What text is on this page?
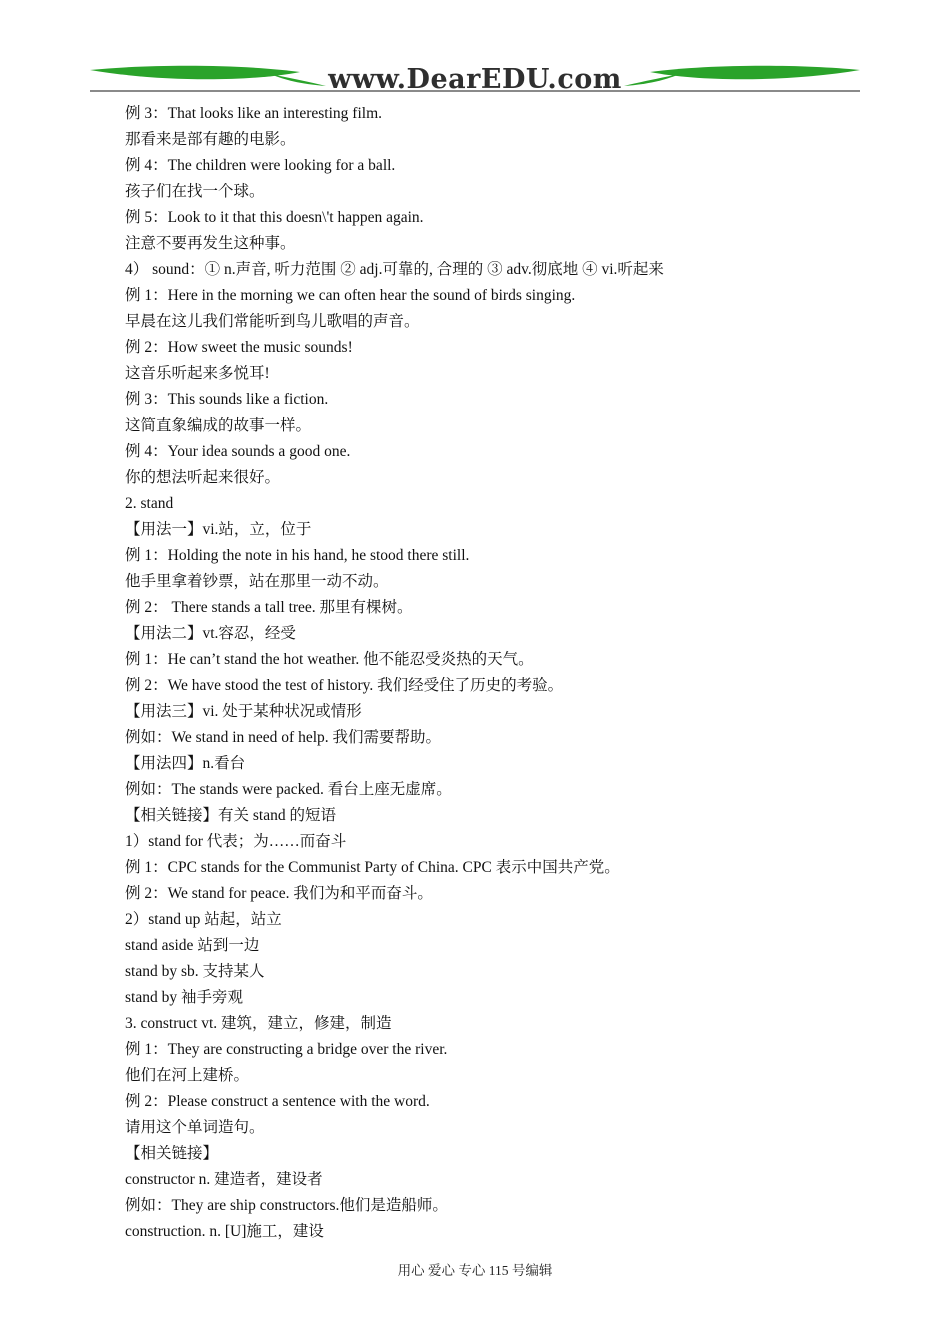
www.DearEDU.com
例 3：That looks like an interesting film.
那看来是部有趣的电影。
例 4：The children were looking for a ball.
孩子们在找一个球。
例 5：Look to it that this doesn\'t happen again.
注意不要再发生这种事。
4） sound：① n.声音, 听力范围 ② adj.可靠的, 合理的 ③ adv.彻底地 ④ vi.听起来
例 1：Here in the morning we can often hear the sound of birds singing.
早晨在这儿我们常能听到鸟儿歌唱的声音。
例 2：How sweet the music sounds!
这音乐听起来多悦耳!
例 3：This sounds like a fiction.
这简直象编成的故事一样。
例 4：Your idea sounds a good one.
你的想法听起来很好。
2. stand
【用法一】vi.站，立，位于
例 1：Holding the note in his hand, he stood there still.
他手里拿着钞票，站在那里一动不动。
例 2： There stands a tall tree. 那里有棵树。
【用法二】vt.容忍，经受
例 1：He can’t stand the hot weather. 他不能忍受炎热的天气。
例 2：We have stood the test of history. 我们经受住了历史的考验。
【用法三】vi. 处于某种状况或情形
例如：We stand in need of help. 我们需要帮助。
【用法四】n.看台
例如：The stands were packed. 看台上座无虚席。
【相关链接】有关 stand 的短语
1）stand for 代表；为……而奋斗
例 1：CPC stands for the Communist Party of China. CPC 表示中国共产党。
例 2：We stand for peace. 我们为和平而奋斗。
2）stand up 站起，站立
stand aside 站到一边
stand by sb. 支持某人
stand by 袖手旁观
3. construct vt. 建筑，建立，修建，制造
例 1：They are constructing a bridge over the river.
他们在河上建桥。
例 2：Please construct a sentence with the word.
请用这个单词造句。
【相关链接】
constructor n. 建造者，建设者
例如：They are ship constructors.他们是造船师。
construction. n. [U]施工，建设
用心 爱心 专心 115 号编辑
